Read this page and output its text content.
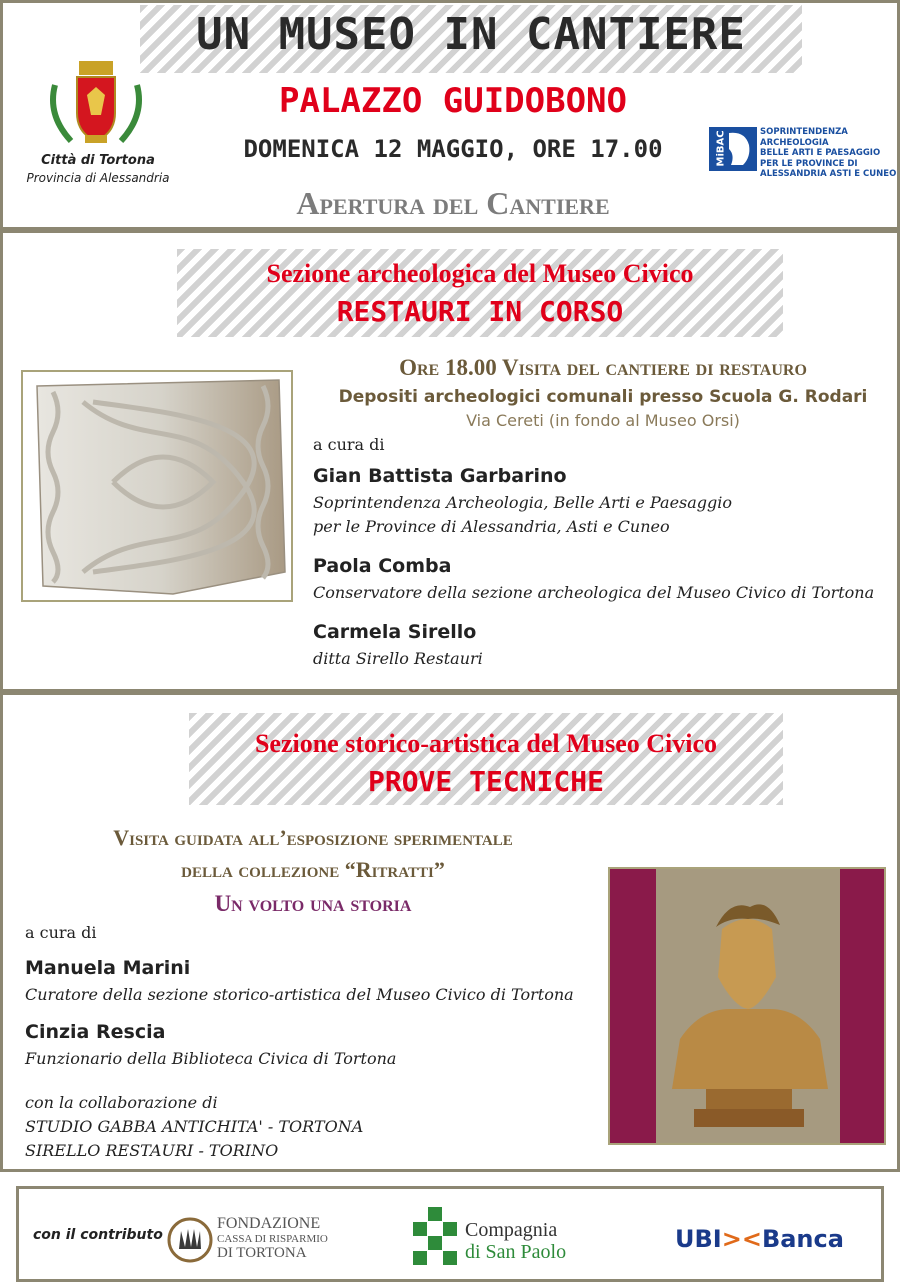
UN MUSEO IN CANTIERE
PALAZZO GUIDOBONO
DOMENICA 12 MAGGIO, ORE 17.00
Apertura del Cantiere
Città di Tortona
Provincia di Alessandria
MiBAC	SOPRINTENDENZA ARCHEOLOGIA
BELLE ARTI E PAESAGGIO
PER LE PROVINCE DI
ALESSANDRIA ASTI E CUNEO
Sezione archeologica del Museo Civico
RESTAURI IN CORSO
Ore 18.00 Visita del cantiere di restauro
Depositi archeologici comunali presso Scuola G. Rodari
Via Cereti (in fondo al Museo Orsi)
a cura di
Gian Battista Garbarino
Soprintendenza Archeologia, Belle Arti e Paesaggio
per le Province di Alessandria, Asti e Cuneo
Paola Comba
Conservatore della sezione archeologica del Museo Civico di Tortona
Carmela Sirello
ditta Sirello Restauri
Sezione storico-artistica del Museo Civico
PROVE TECNICHE
Visita guidata all’esposizione sperimentale
della collezione “Ritratti”
Un volto una storia
a cura di
Manuela Marini
Curatore della sezione storico-artistica del Museo Civico di Tortona
Cinzia Rescia
Funzionario della Biblioteca Civica di Tortona
con la collaborazione di
STUDIO GABBA ANTICHITA' - TORTONA
SIRELLO RESTAURI - TORINO
con il contributo
FONDAZIONE
CASSA DI RISPARMIO
DI TORTONA
Compagnia
di San Paolo	UBI><Banca
